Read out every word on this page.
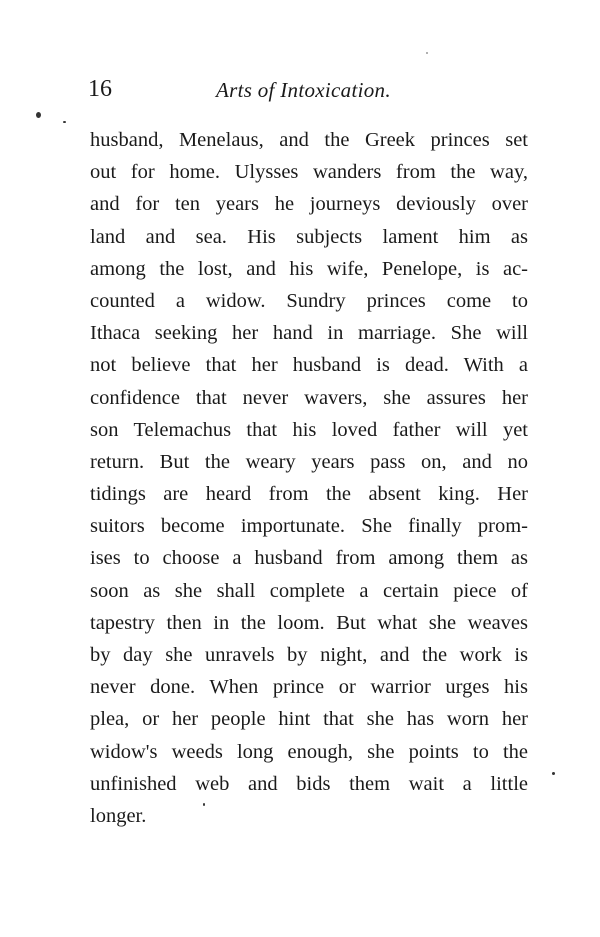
16	Arts of Intoxication.
husband, Menelaus, and the Greek princes set
out for home. Ulysses wanders from the way,
and for ten years he journeys deviously over
land and sea. His subjects lament him as
among the lost, and his wife, Penelope, is ac-
counted a widow. Sundry princes come to
Ithaca seeking her hand in marriage. She will
not believe that her husband is dead. With a
confidence that never wavers, she assures her
son Telemachus that his loved father will yet
return. But the weary years pass on, and no
tidings are heard from the absent king. Her
suitors become importunate. She finally prom-
ises to choose a husband from among them as
soon as she shall complete a certain piece of
tapestry then in the loom. But what she weaves
by day she unravels by night, and the work is
never done. When prince or warrior urges his
plea, or her people hint that she has worn her
widow's weeds long enough, she points to the
unfinished web and bids them wait a little
longer.
